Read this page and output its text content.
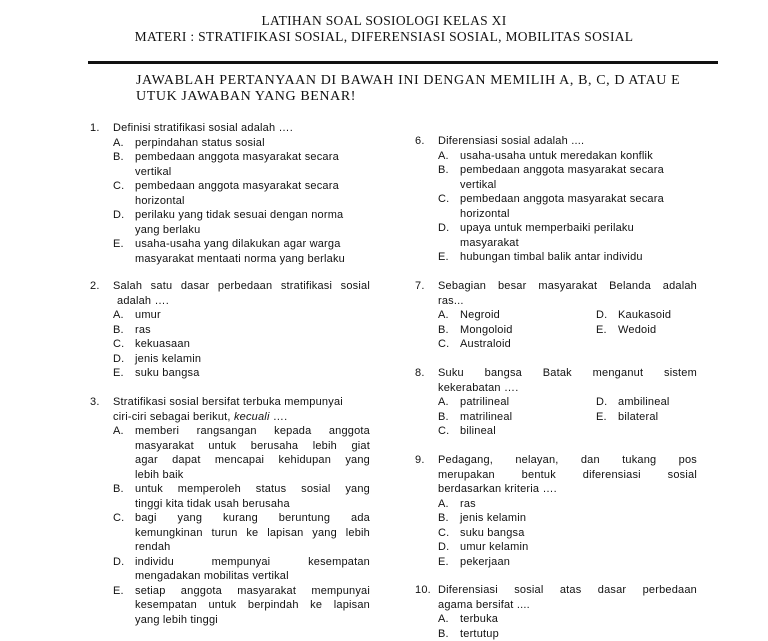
LATIHAN SOAL SOSIOLOGI KELAS XI
MATERI : STRATIFIKASI SOSIAL, DIFERENSIASI SOSIAL, MOBILITAS SOSIAL
JAWABLAH PERTANYAAN DI BAWAH INI DENGAN MEMILIH A, B, C, D ATAU E
UTUK JAWABAN YANG BENAR!
1.	Definisi stratifikasi sosial adalah ….
A.	perpindahan status sosial
B.	pembedaan anggota masyarakat secara
vertikal
C. pembedaan anggota masyarakat secara
horizontal
D. perilaku yang tidak sesuai dengan norma
yang berlaku
E.	usaha-usaha yang dilakukan agar warga
masyarakat mentaati norma yang berlaku
2.	Salah satu dasar perbedaan stratifikasi sosial
adalah ….
A.	umur
B.	ras
C. kekuasaan
D. jenis kelamin
E.	suku bangsa
3.	Stratifikasi sosial bersifat terbuka mempunyai
ciri-ciri sebagai berikut, kecuali ….
A.	memberi rangsangan kepada anggota
masyarakat untuk berusaha lebih giat
agar dapat mencapai kehidupan yang
lebih baik
B.	untuk memperoleh status sosial yang
tinggi kita tidak usah berusaha
C. bagi yang kurang beruntung ada
kemungkinan turun ke lapisan yang lebih
rendah
D. individu mempunyai kesempatan
mengadakan mobilitas vertikal
E.	setiap anggota masyarakat mempunyai
kesempatan untuk berpindah ke lapisan
yang lebih tinggi
6.	Diferensiasi sosial adalah ....
A.	usaha-usaha untuk meredakan konflik
B.	pembedaan anggota masyarakat secara
vertikal
C. pembedaan anggota masyarakat secara
horizontal
D. upaya untuk memperbaiki perilaku
masyarakat
E.	hubungan timbal balik antar individu
7.	Sebagian besar masyarakat Belanda adalah
ras...
A.	Negroid	D. Kaukasoid
B.	Mongoloid	E.	Wedoid
C. Australoid
8.	Suku bangsa Batak menganut sistem
kekerabatan ….
A.	patrilineal	D. ambilineal
B.	matrilineal	E.	bilateral
C. bilineal
9.	Pedagang, nelayan, dan tukang pos
merupakan bentuk diferensiasi sosial
berdasarkan kriteria ….
A.	ras
B.	jenis kelamin
C. suku bangsa
D. umur kelamin
E.	pekerjaan
10. Diferensiasi sosial atas dasar perbedaan
agama bersifat ....
A.	terbuka
B.	tertutup
